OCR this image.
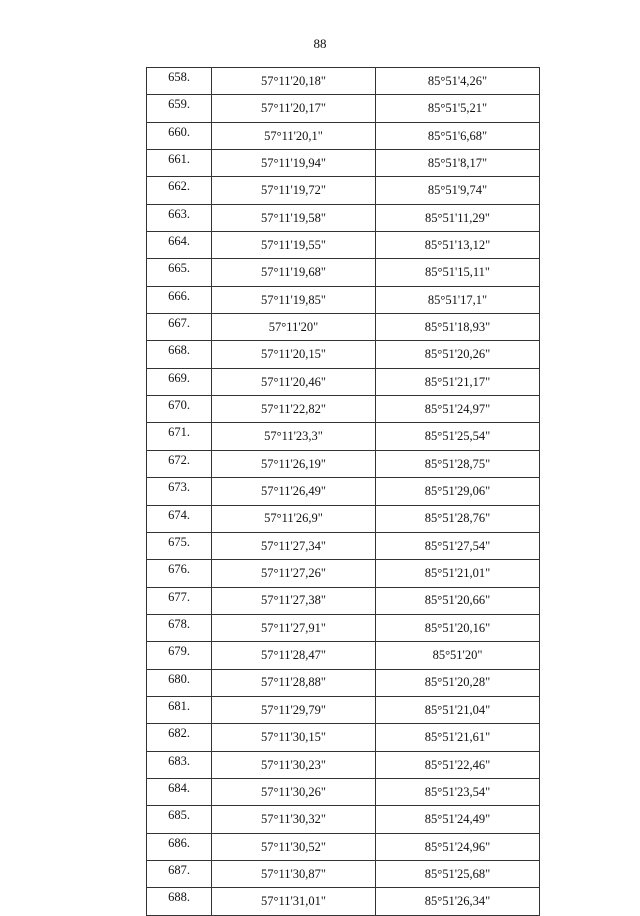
88
658.	57°11'20,18"	85°51'4,26"
659.	57°11'20,17"	85°51'5,21"
660.	57°11'20,1"	85°51'6,68"
661.	57°11'19,94"	85°51'8,17"
662.	57°11'19,72"	85°51'9,74"
663.	57°11'19,58"	85°51'11,29"
664.	57°11'19,55"	85°51'13,12"
665.	57°11'19,68"	85°51'15,11"
666.	57°11'19,85"	85°51'17,1"
667.	57°11'20"	85°51'18,93"
668.	57°11'20,15"	85°51'20,26"
669.	57°11'20,46"	85°51'21,17"
670.	57°11'22,82"	85°51'24,97"
671.	57°11'23,3"	85°51'25,54"
672.	57°11'26,19"	85°51'28,75"
673.	57°11'26,49"	85°51'29,06"
674.	57°11'26,9"	85°51'28,76"
675.	57°11'27,34"	85°51'27,54"
676.	57°11'27,26"	85°51'21,01"
677.	57°11'27,38"	85°51'20,66"
678.	57°11'27,91"	85°51'20,16"
679.	57°11'28,47"	85°51'20"
680.	57°11'28,88"	85°51'20,28"
681.	57°11'29,79"	85°51'21,04"
682.	57°11'30,15"	85°51'21,61"
683.	57°11'30,23"	85°51'22,46"
684.	57°11'30,26"	85°51'23,54"
685.	57°11'30,32"	85°51'24,49"
686.	57°11'30,52"	85°51'24,96"
687.	57°11'30,87"	85°51'25,68"
688.	57°11'31,01"	85°51'26,34"
